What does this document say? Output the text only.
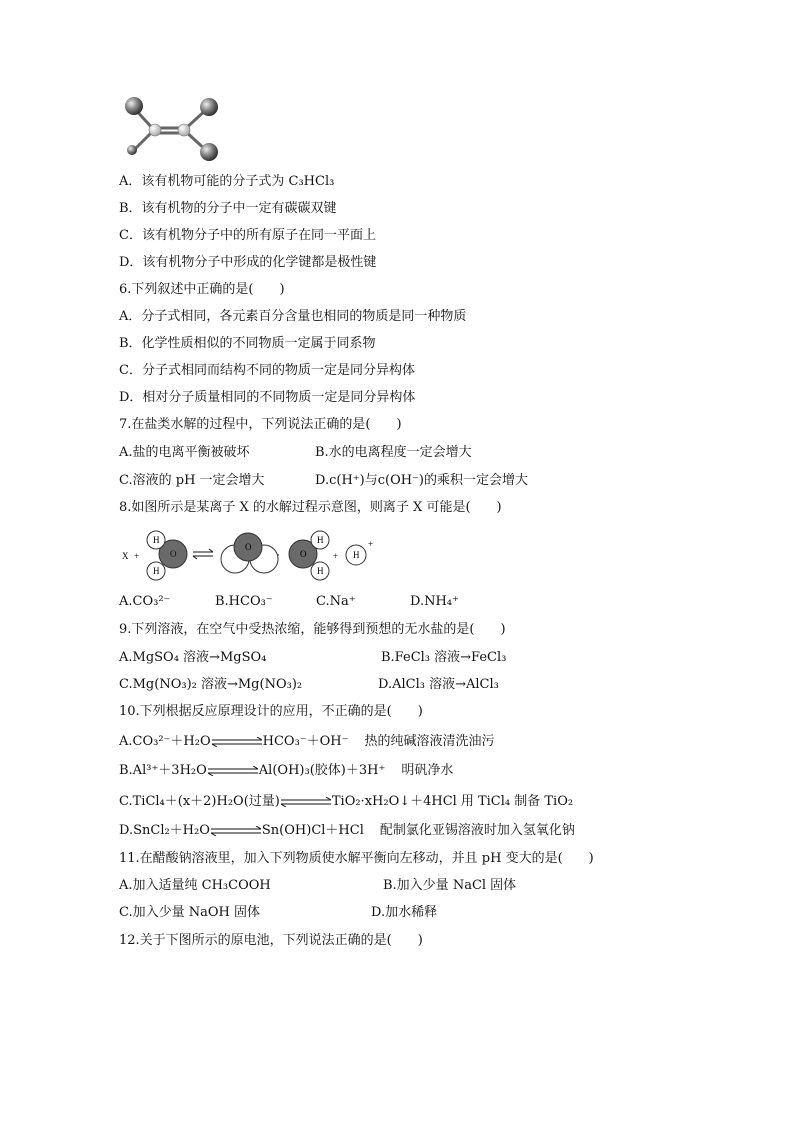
A．该有机物可能的分子式为 C₃HCl₃
B．该有机物的分子中一定有碳碳双键
C．该有机物分子中的所有原子在同一平面上
D．该有机物分子中形成的化学键都是极性键
6.下列叙述中正确的是(　　)
A．分子式相同，各元素百分含量也相同的物质是同一种物质
B．化学性质相似的不同物质一定属于同系物
C．分子式相同而结构不同的物质一定是同分异构体
D．相对分子质量相同的不同物质一定是同分异构体
7.在盐类水解的过程中，下列说法正确的是(　　)
A.盐的电离平衡被破坏	B.水的电离程度一定会增大
C.溶液的 pH 一定会增大	D.c(H⁺)与c(OH⁻)的乘积一定会增大
8.如图所示是某离子 X 的水解过程示意图，则离子 X 可能是(　　)
X +
H
H
O
O
· O
H
H
+ H
+
A.CO₃²⁻	B.HCO₃⁻	C.Na⁺	D.NH₄⁺
9.下列溶液，在空气中受热浓缩，能够得到预想的无水盐的是(　　)
A.MgSO₄ 溶液→MgSO₄	B.FeCl₃ 溶液→FeCl₃
C.Mg(NO₃)₂ 溶液→Mg(NO₃)₂	D.AlCl₃ 溶液→AlCl₃
10.下列根据反应原理设计的应用，不正确的是(　　)
A.CO₃²⁻＋H₂O⇌HCO₃⁻＋OH⁻ 热的纯碱溶液清洗油污
B.Al³⁺＋3H₂O⇌Al(OH)₃(胶体)＋3H⁺ 明矾净水
C.TiCl₄＋(x＋2)H₂O(过量)⇌TiO₂·xH₂O↓＋4HCl 用 TiCl₄ 制备 TiO₂
D.SnCl₂＋H₂O⇌Sn(OH)Cl＋HCl 配制氯化亚锡溶液时加入氢氧化钠
11.在醋酸钠溶液里，加入下列物质使水解平衡向左移动，并且 pH 变大的是(　　)
A.加入适量纯 CH₃COOH	B.加入少量 NaCl 固体
C.加入少量 NaOH 固体	D.加水稀释
12.关于下图所示的原电池，下列说法正确的是(　　)
